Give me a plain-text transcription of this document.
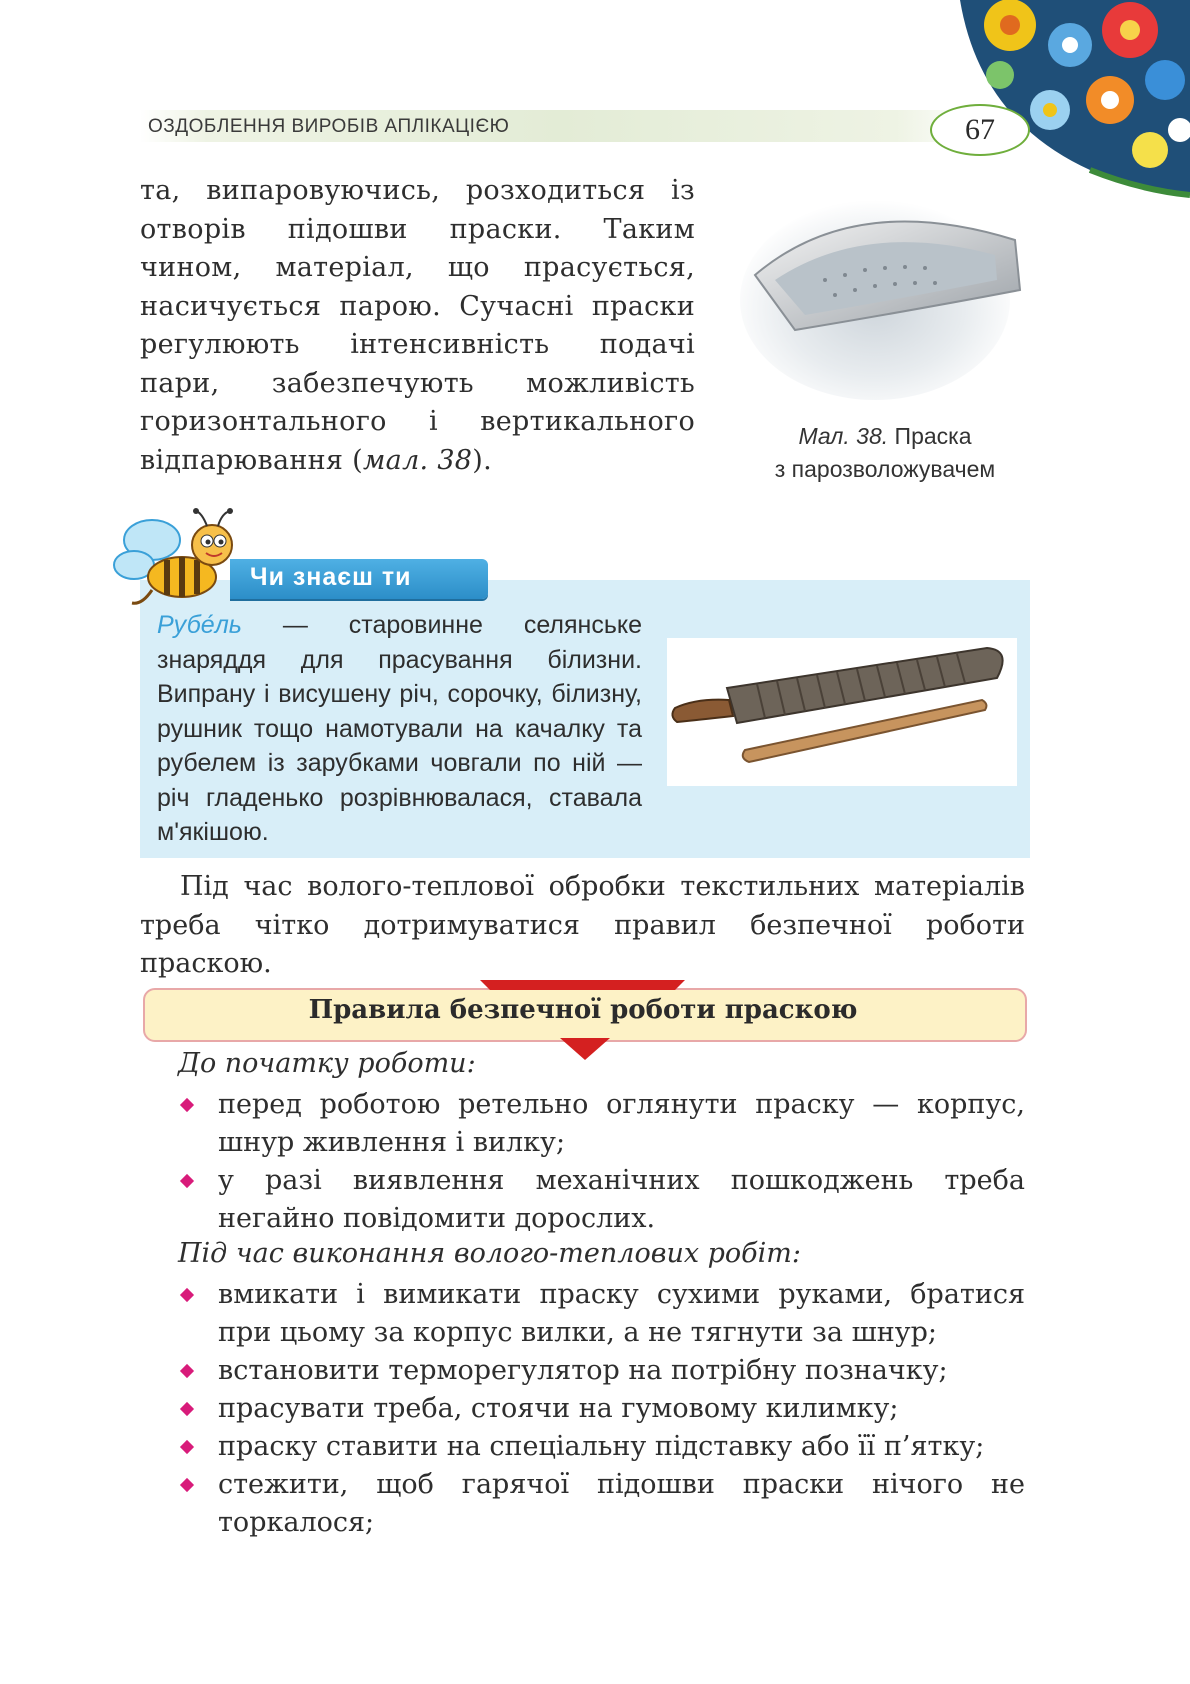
ОЗДОБЛЕННЯ ВИРОБІВ АПЛІКАЦІЄЮ	67
та, випаровуючись, розходиться із отворів підошви праски. Таким чином, матеріал, що прасується, насичується парою. Сучасні праски регулюють інтенсивність подачі пари, забезпечують можливість горизонтального і вертикального відпарювання (мал. 38).
Мал. 38. Праска
з парозволожувачем
Чи знаєш ти
Рубе́ль — старовинне селянське знаряддя для прасування білизни. Випрану і висушену річ, сорочку, білизну, рушник тощо намотували на качалку та рубелем із зарубками човгали по ній — річ гладенько розрівнювалася, ставала м'якішою.
Під час волого-теплової обробки текстильних матеріалів треба чітко дотримуватися правил безпечної роботи праскою.
Правила безпечної роботи праскою
До початку роботи:
перед роботою ретельно оглянути праску — корпус, шнур живлення і вилку;
у разі виявлення механічних пошкоджень треба негайно повідомити дорослих.
Під час виконання волого-теплових робіт:
вмикати і вимикати праску сухими руками, братися при цьому за корпус вилки, а не тягнути за шнур;
встановити терморегулятор на потрібну позначку;
прасувати треба, стоячи на гумовому килимку;
праску ставити на спеціальну підставку або її п’ятку;
стежити, щоб гарячої підошви праски нічого не торкалося;
